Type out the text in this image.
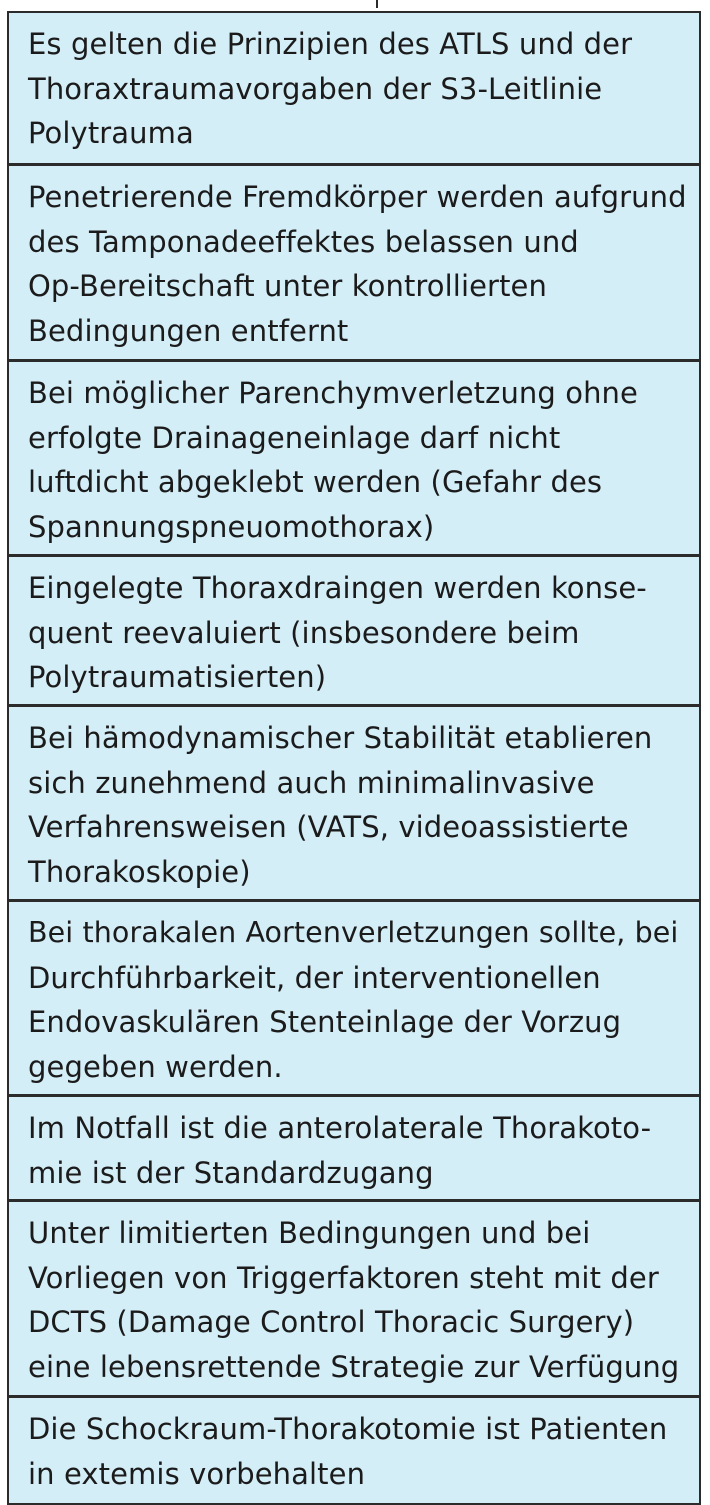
Es gelten die Prinzipien des ATLS und der
Thoraxtraumavorgaben der S3-Leitlinie
Polytrauma
Penetrierende Fremdkörper werden aufgrund
des Tamponadeeffektes belassen und
Op-Bereitschaft unter kontrollierten
Bedingungen entfernt
Bei möglicher Parenchymverletzung ohne
erfolgte Drainageneinlage darf nicht
luftdicht abgeklebt werden (Gefahr des
Spannungspneuomothorax)
Eingelegte Thoraxdraingen werden konse-
quent reevaluiert (insbesondere beim
Polytraumatisierten)
Bei hämodynamischer Stabilität etablieren
sich zunehmend auch minimalinvasive
Verfahrensweisen (VATS, videoassistierte
Thorakoskopie)
Bei thorakalen Aortenverletzungen sollte, bei
Durchführbarkeit, der interventionellen
Endovaskulären Stenteinlage der Vorzug
gegeben werden.
Im Notfall ist die anterolaterale Thorakoto-
mie ist der Standardzugang
Unter limitierten Bedingungen und bei
Vorliegen von Triggerfaktoren steht mit der
DCTS (Damage Control Thoracic Surgery)
eine lebensrettende Strategie zur Verfügung
Die Schockraum-Thorakotomie ist Patienten
in extemis vorbehalten
